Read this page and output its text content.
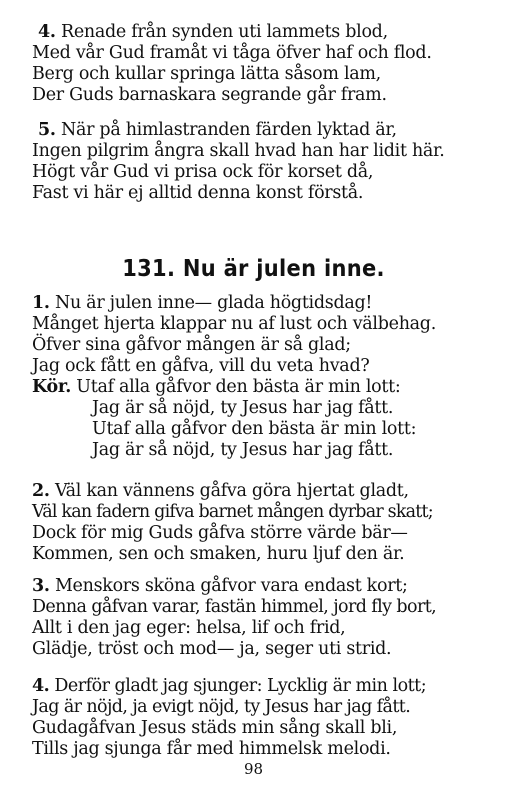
4. Renade från synden uti lammets blod,
Med vår Gud framåt vi tåga öfver haf och flod.
Berg och kullar springa lätta såsom lam,
Der Guds barnaskara segrande går fram.
5. När på himlastranden färden lyktad är,
Ingen pilgrim ångra skall hvad han har lidit här.
Högt vår Gud vi prisa ock för korset då,
Fast vi här ej alltid denna konst förstå.
131. Nu är julen inne.
1. Nu är julen inne— glada högtidsdag!
Månget hjerta klappar nu af lust och välbehag.
Öfver sina gåfvor mången är så glad;
Jag ock fått en gåfva, vill du veta hvad?
Kör. Utaf alla gåfvor den bästa är min lott:
Jag är så nöjd, ty Jesus har jag fått.
Utaf alla gåfvor den bästa är min lott:
Jag är så nöjd, ty Jesus har jag fått.
2. Väl kan vännens gåfva göra hjertat gladt,
Väl kan fadern gifva barnet mången dyrbar skatt;
Dock för mig Guds gåfva större värde bär—
Kommen, sen och smaken, huru ljuf den är.
3. Menskors sköna gåfvor vara endast kort;
Denna gåfvan varar, fastän himmel, jord fly bort,
Allt i den jag eger: helsa, lif och frid,
Glädje, tröst och mod— ja, seger uti strid.
4. Derför gladt jag sjunger: Lycklig är min lott;
Jag är nöjd, ja evigt nöjd, ty Jesus har jag fått.
Gudagåfvan Jesus städs min sång skall bli,
Tills jag sjunga får med himmelsk melodi.
98
